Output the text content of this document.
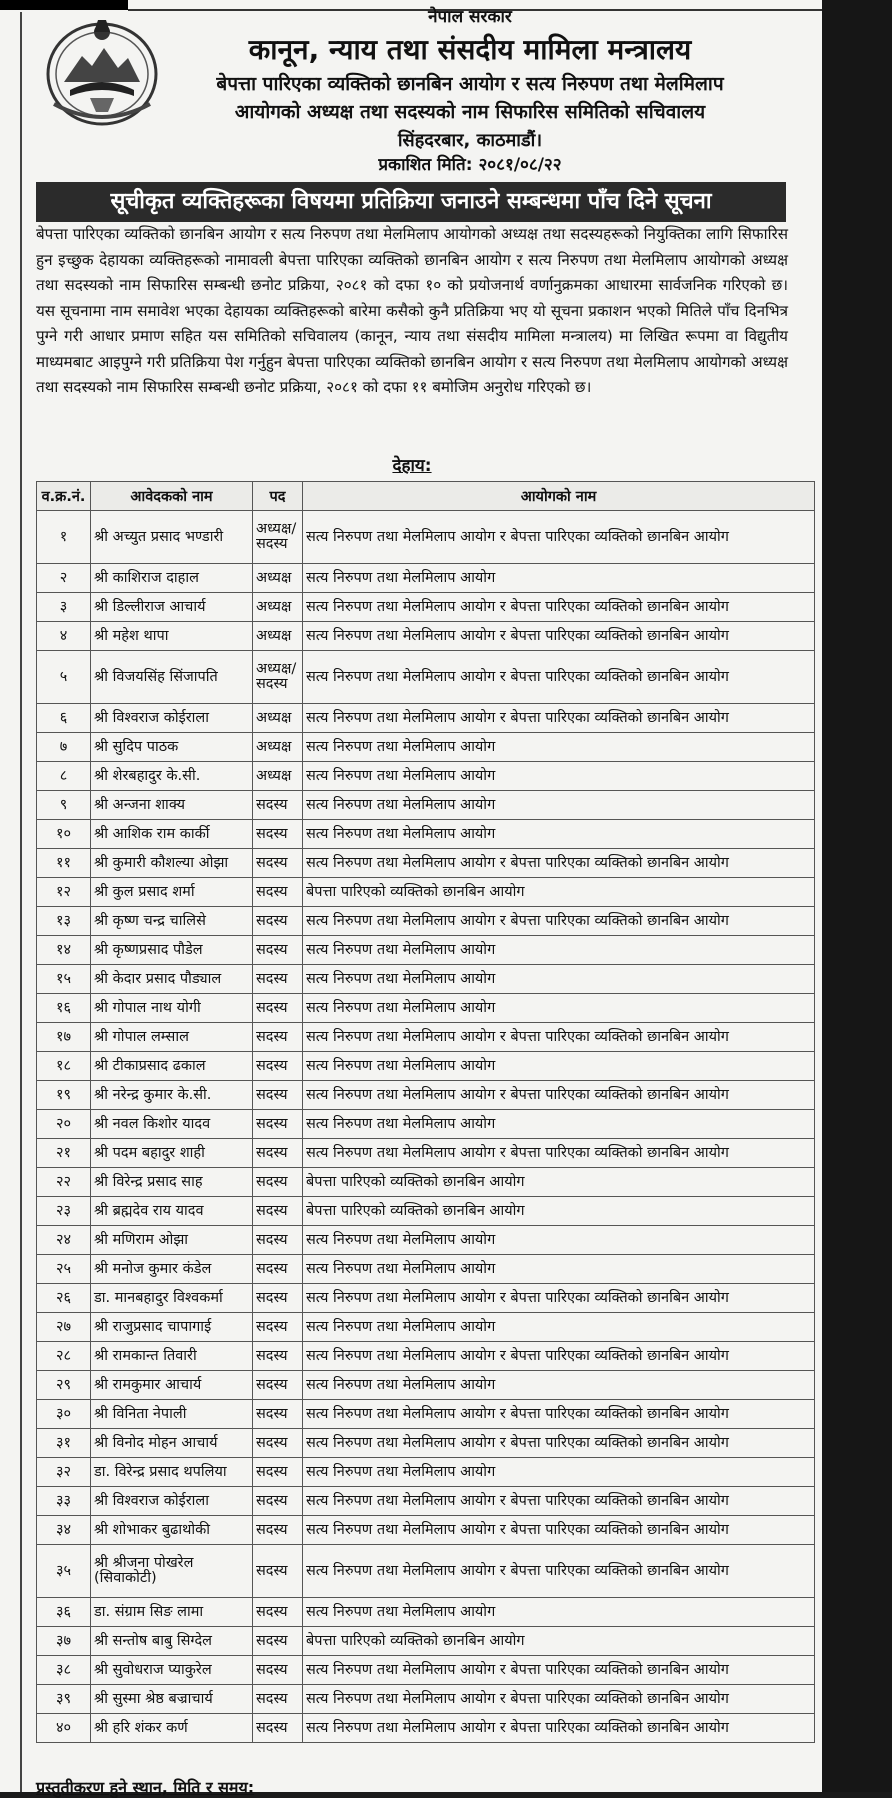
नेपाल सरकार
कानून, न्याय तथा संसदीय मामिला मन्त्रालय
बेपत्ता पारिएका व्यक्तिको छानबिन आयोग र सत्य निरुपण तथा मेलमिलाप
आयोगको अध्यक्ष तथा सदस्यको नाम सिफारिस समितिको सचिवालय
सिंहदरबार, काठमाडौं।
प्रकाशित मिति: २०८१/०८/२२
सूचीकृत व्यक्तिहरूका विषयमा प्रतिक्रिया जनाउने सम्बन्धमा पाँच दिने सूचना

बेपत्ता पारिएका व्यक्तिको छानबिन आयोग र सत्य निरुपण तथा मेलमिलाप आयोगको अध्यक्ष तथा सदस्यहरूको नियुक्तिका लागि सिफारिस हुन इच्छुक देहायका व्यक्तिहरूको नामावली बेपत्ता पारिएका व्यक्तिको छानबिन आयोग र सत्य निरुपण तथा मेलमिलाप आयोगको अध्यक्ष तथा सदस्यको नाम सिफारिस सम्बन्धी छनोट प्रक्रिया, २०८१ को दफा १० को प्रयोजनार्थ वर्णानुक्रमका आधारमा सार्वजनिक गरिएको छ। यस सूचनामा नाम समावेश भएका देहायका व्यक्तिहरूको बारेमा कसैको कुनै प्रतिक्रिया भए यो सूचना प्रकाशन भएको मितिले पाँच दिनभित्र पुग्ने गरी आधार प्रमाण सहित यस समितिको सचिवालय (कानून, न्याय तथा संसदीय मामिला मन्त्रालय) मा लिखित रूपमा वा विद्युतीय माध्यमबाट आइपुग्ने गरी प्रतिक्रिया पेश गर्नुहुन बेपत्ता पारिएका व्यक्तिको छानबिन आयोग र सत्य निरुपण तथा मेलमिलाप आयोगको अध्यक्ष तथा सदस्यको नाम सिफारिस सम्बन्धी छनोट प्रक्रिया, २०८१ को दफा ११ बमोजिम अनुरोध गरिएको छ।

देहाय:
व.क्र.नं.	आवेदकको नाम	पद	आयोगको नाम
१	श्री अच्युत प्रसाद भण्डारी	अध्यक्ष/सदस्य	सत्य निरुपण तथा मेलमिलाप आयोग र बेपत्ता पारिएका व्यक्तिको छानबिन आयोग
२	श्री काशिराज दाहाल	अध्यक्ष	सत्य निरुपण तथा मेलमिलाप आयोग
३	श्री डिल्लीराज आचार्य	अध्यक्ष	सत्य निरुपण तथा मेलमिलाप आयोग र बेपत्ता पारिएका व्यक्तिको छानबिन आयोग
४	श्री महेश थापा	अध्यक्ष	सत्य निरुपण तथा मेलमिलाप आयोग र बेपत्ता पारिएका व्यक्तिको छानबिन आयोग
५	श्री विजयसिंह सिंजापति	अध्यक्ष/सदस्य	सत्य निरुपण तथा मेलमिलाप आयोग र बेपत्ता पारिएका व्यक्तिको छानबिन आयोग
६	श्री विश्वराज कोईराला	अध्यक्ष	सत्य निरुपण तथा मेलमिलाप आयोग र बेपत्ता पारिएका व्यक्तिको छानबिन आयोग
७	श्री सुदिप पाठक	अध्यक्ष	सत्य निरुपण तथा मेलमिलाप आयोग
८	श्री शेरबहादुर के.सी.	अध्यक्ष	सत्य निरुपण तथा मेलमिलाप आयोग
९	श्री अन्जना शाक्य	सदस्य	सत्य निरुपण तथा मेलमिलाप आयोग
१०	श्री आशिक राम कार्की	सदस्य	सत्य निरुपण तथा मेलमिलाप आयोग
११	श्री कुमारी कौशल्या ओझा	सदस्य	सत्य निरुपण तथा मेलमिलाप आयोग र बेपत्ता पारिएका व्यक्तिको छानबिन आयोग
१२	श्री कुल प्रसाद शर्मा	सदस्य	बेपत्ता पारिएको व्यक्तिको छानबिन आयोग
१३	श्री कृष्ण चन्द्र चालिसे	सदस्य	सत्य निरुपण तथा मेलमिलाप आयोग र बेपत्ता पारिएका व्यक्तिको छानबिन आयोग
१४	श्री कृष्णप्रसाद पौडेल	सदस्य	सत्य निरुपण तथा मेलमिलाप आयोग
१५	श्री केदार प्रसाद पौड्याल	सदस्य	सत्य निरुपण तथा मेलमिलाप आयोग
१६	श्री गोपाल नाथ योगी	सदस्य	सत्य निरुपण तथा मेलमिलाप आयोग
१७	श्री गोपाल लम्साल	सदस्य	सत्य निरुपण तथा मेलमिलाप आयोग र बेपत्ता पारिएका व्यक्तिको छानबिन आयोग
१८	श्री टीकाप्रसाद ढकाल	सदस्य	सत्य निरुपण तथा मेलमिलाप आयोग
१९	श्री नरेन्द्र कुमार के.सी.	सदस्य	सत्य निरुपण तथा मेलमिलाप आयोग र बेपत्ता पारिएका व्यक्तिको छानबिन आयोग
२०	श्री नवल किशोर यादव	सदस्य	सत्य निरुपण तथा मेलमिलाप आयोग
२१	श्री पदम बहादुर शाही	सदस्य	सत्य निरुपण तथा मेलमिलाप आयोग र बेपत्ता पारिएका व्यक्तिको छानबिन आयोग
२२	श्री विरेन्द्र प्रसाद साह	सदस्य	बेपत्ता पारिएको व्यक्तिको छानबिन आयोग
२३	श्री ब्रह्मदेव राय यादव	सदस्य	बेपत्ता पारिएको व्यक्तिको छानबिन आयोग
२४	श्री मणिराम ओझा	सदस्य	सत्य निरुपण तथा मेलमिलाप आयोग
२५	श्री मनोज कुमार कंडेल	सदस्य	सत्य निरुपण तथा मेलमिलाप आयोग
२६	डा. मानबहादुर विश्वकर्मा	सदस्य	सत्य निरुपण तथा मेलमिलाप आयोग र बेपत्ता पारिएका व्यक्तिको छानबिन आयोग
२७	श्री राजुप्रसाद चापागाई	सदस्य	सत्य निरुपण तथा मेलमिलाप आयोग
२८	श्री रामकान्त तिवारी	सदस्य	सत्य निरुपण तथा मेलमिलाप आयोग र बेपत्ता पारिएका व्यक्तिको छानबिन आयोग
२९	श्री रामकुमार आचार्य	सदस्य	सत्य निरुपण तथा मेलमिलाप आयोग
३०	श्री विनिता नेपाली	सदस्य	सत्य निरुपण तथा मेलमिलाप आयोग र बेपत्ता पारिएका व्यक्तिको छानबिन आयोग
३१	श्री विनोद मोहन आचार्य	सदस्य	सत्य निरुपण तथा मेलमिलाप आयोग र बेपत्ता पारिएका व्यक्तिको छानबिन आयोग
३२	डा. विरेन्द्र प्रसाद थपलिया	सदस्य	सत्य निरुपण तथा मेलमिलाप आयोग
३३	श्री विश्वराज कोईराला	सदस्य	सत्य निरुपण तथा मेलमिलाप आयोग र बेपत्ता पारिएका व्यक्तिको छानबिन आयोग
३४	श्री शोभाकर बुढाथोकी	सदस्य	सत्य निरुपण तथा मेलमिलाप आयोग र बेपत्ता पारिएका व्यक्तिको छानबिन आयोग
३५	श्री श्रीजना पोखरेल (सिवाकोटी)	सदस्य	सत्य निरुपण तथा मेलमिलाप आयोग र बेपत्ता पारिएका व्यक्तिको छानबिन आयोग
३६	डा. संग्राम सिङ लामा	सदस्य	सत्य निरुपण तथा मेलमिलाप आयोग
३७	श्री सन्तोष बाबु सिग्देल	सदस्य	बेपत्ता पारिएको व्यक्तिको छानबिन आयोग
३८	श्री सुवोधराज प्याकुरेल	सदस्य	सत्य निरुपण तथा मेलमिलाप आयोग र बेपत्ता पारिएका व्यक्तिको छानबिन आयोग
३९	श्री सुस्मा श्रेष्ठ बज्राचार्य	सदस्य	सत्य निरुपण तथा मेलमिलाप आयोग र बेपत्ता पारिएका व्यक्तिको छानबिन आयोग
४०	श्री हरि शंकर कर्ण	सदस्य	सत्य निरुपण तथा मेलमिलाप आयोग र बेपत्ता पारिएका व्यक्तिको छानबिन आयोग
प्रस्तुतीकरण हुने स्थान, मिति र समय:
